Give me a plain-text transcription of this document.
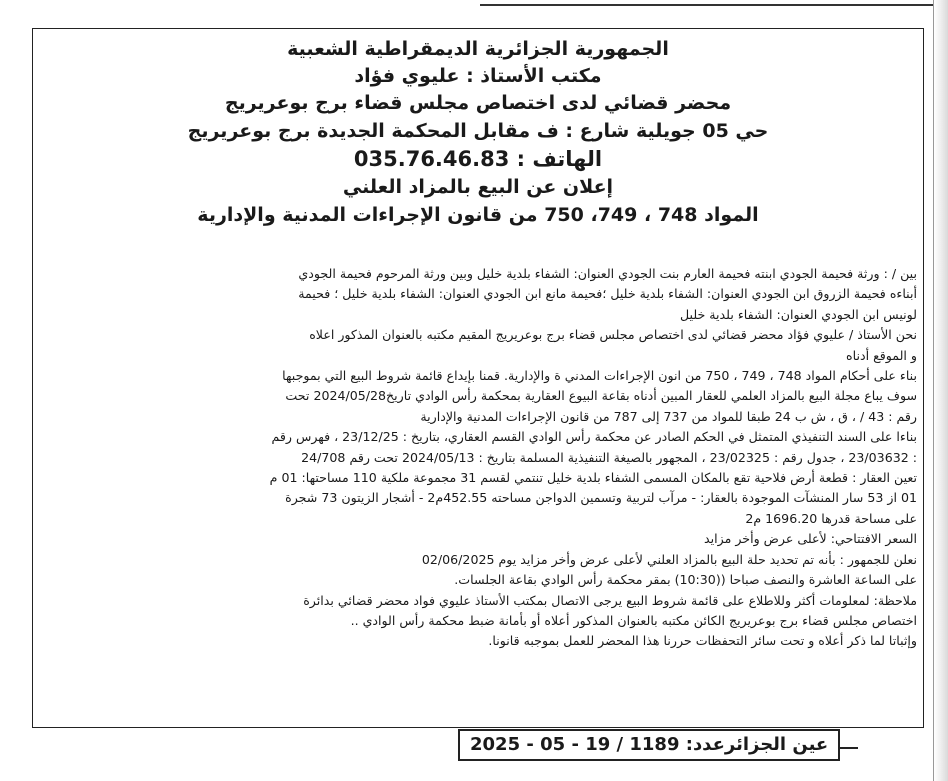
الجمهورية الجزائرية الديمقراطية الشعبية
مكتب الأستاذ : عليوي فؤاد
محضر قضائي لدى اختصاص مجلس قضاء برج بوعريريج
حي 05 جويلية شارع : ف مقابل المحكمة الجديدة برج بوعريريج
الهاتف : 035.76.46.83
إعلان عن البيع بالمزاد العلني
المواد 748 ، 749، 750 من قانون الإجراءات المدنية والإدارية
بين / : ورثة فحيمة الجودي ابنته فحيمة العارم بنت الجودي العنوان: الشفاء بلدية خليل وبين ورثة المرحوم فحيمة الجودي
أبناءه فحيمة الزروق ابن الجودي العنوان: الشفاء بلدية خليل ؛فحيمة مانع ابن الجودي العنوان: الشفاء بلدية خليل ؛ فحيمة
لونيس ابن الجودي العنوان: الشفاء بلدية خليل
نحن الأستاذ / عليوي فؤاد محضر قضائي لدى اختصاص مجلس قضاء برج بوعريريج المقيم مكتبه بالعنوان المذكور اعلاه
و الموقع أدناه
بناء على أحكام المواد 748 ، 749 ، 750 من انون الإجراءات المدني ة والإدارية. قمنا بإيداع قائمة شروط البيع التي بموجبها
سوف يباع مجلة البيع بالمزاد العلمي للعقار المبين أدناه بقاعة البيوع العقارية بمحكمة رأس الوادي تاريخ2024/05/28 تحت
رقم : 43 / ، ق ، ش ب 24 طبقا للمواد من 737 إلى 787 من قانون الإجراءات المدنية والإدارية
بناءا على السند التنفيذي المتمثل في الحكم الصادر عن محكمة رأس الوادي القسم العقاري، بتاريخ : 23/12/25 ، فهرس رقم
: 23/03632 ، جدول رقم : 23/02325 ، المجهور بالصيغة التنفيذية المسلمة بتاريخ : 2024/05/13 تحت رقم 24/708
تعين العقار : قطعة أرض فلاحية تقع بالمكان المسمى الشفاء بلدية خليل تنتمي لقسم 31 مجموعة ملكية 110 مساحتها: 01 م
01 از 53 سار المنشآت الموجودة بالعقار: - مرآب لتربية وتسمين الدواجن مساحته 452.55م2 - أشجار الزيتون 73 شجرة
على مساحة قدرها 1696.20 م2
السعر الافتتاحي: لأعلى عرض وأخر مزايد
نعلن للجمهور : بأنه تم تحديد حلة البيع بالمزاد العلني لأعلى عرض وأخر مزايد يوم 02/06/2025
على الساعة العاشرة والنصف صباحا ((10:30) بمقر محكمة رأس الوادي بقاعة الجلسات.
ملاحظة: لمعلومات أكثر وللاطلاع على قائمة شروط البيع يرجى الاتصال بمكتب الأستاذ عليوي فواد محضر قضائي بدائرة
اختصاص مجلس قضاء برج بوعريريج الكائن مكتبه بالعنوان المذكور أعلاه أو بأمانة ضبط محكمة رأس الوادي ..
وإثباتا لما ذكر أعلاه و تحت سائر التحفظات حررنا هذا المحضر للعمل بموجبه قانونا.
عين الجزائرعدد: 1189 / 19 - 05 - 2025
